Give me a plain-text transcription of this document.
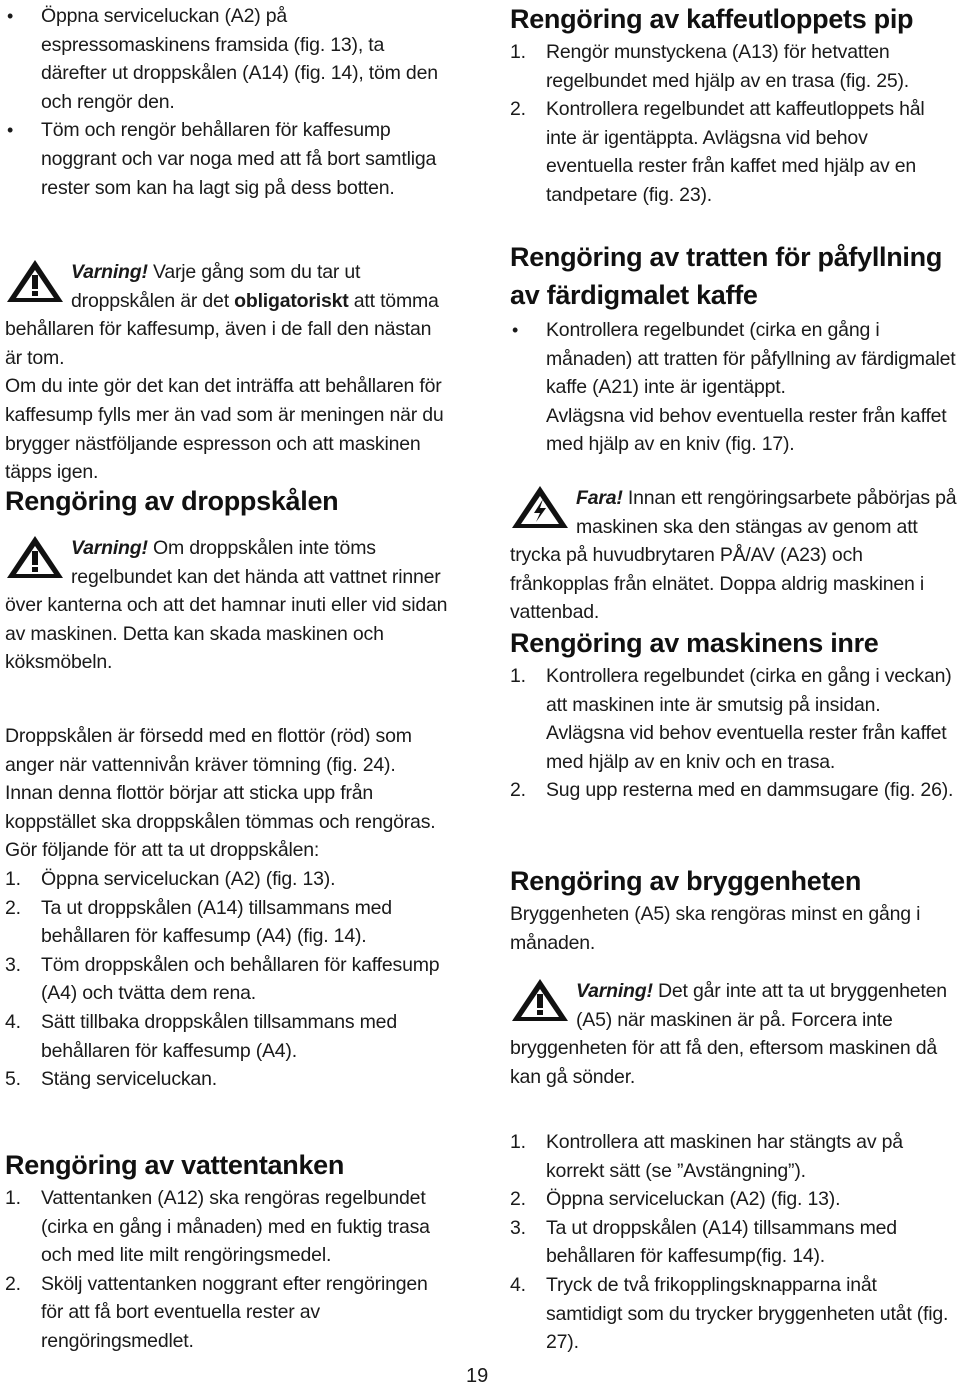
• Öppna serviceluckan (A2) på espressomaskinens framsida (fig. 13), ta därefter ut droppskålen (A14) (fig. 14), töm den och rengör den.

• Töm och rengör behållaren för kaffesump noggrant och var noga med att få bort samtliga rester som kan ha lagt sig på dess botten.

Varning! Varje gång som du tar ut droppskålen är det obligatoriskt att tömma behållaren för kaffesump, även i de fall den nästan är tom.

Om du inte gör det kan det inträffa att behållaren för kaffesump fylls mer än vad som är meningen när du brygger nästföljande espresson och att maskinen täpps igen.

Rengöring av droppskålen

Varning! Om droppskålen inte töms regelbundet kan det hända att vattnet rinner över kanterna och att det hamnar inuti eller vid sidan av maskinen. Detta kan skada maskinen och köksmöbeln.

Droppskålen är försedd med en flottör (röd) som anger när vattennivån kräver tömning (fig. 24).

Innan denna flottör börjar att sticka upp från koppstället ska droppskålen tömmas och rengöras.

Gör följande för att ta ut droppskålen:

1. Öppna serviceluckan (A2) (fig. 13).

2. Ta ut droppskålen (A14) tillsammans med behållaren för kaffesump (A4) (fig. 14).

3. Töm droppskålen och behållaren för kaffesump (A4) och tvätta dem rena.

4. Sätt tillbaka droppskålen tillsammans med behållaren för kaffesump (A4).

5. Stäng serviceluckan.

Rengöring av vattentanken
1. Vattentanken (A12) ska rengöras regelbundet (cirka en gång i månaden) med en fuktig trasa och med lite milt rengöringsmedel.

2. Skölj vattentanken noggrant efter rengöringen för att få bort eventuella rester av rengöringsmedlet.

Rengöring av kaffeutloppets pip
1. Rengör munstyckena (A13) för hetvatten regelbundet med hjälp av en trasa (fig. 25).

2. Kontrollera regelbundet att kaffeutloppets hål inte är igentäppta. Avlägsna vid behov eventuella rester från kaffet med hjälp av en tandpetare (fig. 23).

Rengöring av tratten för påfyllning av färdigmalet kaffe
• Kontrollera regelbundet (cirka en gång i månaden) att tratten för påfyllning av färdigmalet kaffe (A21) inte är igentäppt.

Avlägsna vid behov eventuella rester från kaffet med hjälp av en kniv (fig. 17).

Fara! Innan ett rengöringsarbete påbörjas på maskinen ska den stängas av genom att trycka på huvudbrytaren PÅ/AV (A23) och frånkopplas från elnätet. Doppa aldrig maskinen i vattenbad.

Rengöring av maskinens inre
1. Kontrollera regelbundet (cirka en gång i veckan) att maskinen inte är smutsig på insidan.

Avlägsna vid behov eventuella rester från kaffet med hjälp av en kniv och en trasa.

2. Sug upp resterna med en dammsugare (fig. 26).

Rengöring av bryggenheten

Bryggenheten (A5) ska rengöras minst en gång i månaden.

Varning! Det går inte att ta ut bryggenheten (A5) när maskinen är på. Forcera inte bryggenheten för att få den, eftersom maskinen då kan gå sönder.

1. Kontrollera att maskinen har stängts av på korrekt sätt (se ”Avstängning”).

2. Öppna serviceluckan (A2) (fig. 13).

3. Ta ut droppskålen (A14) tillsammans med behållaren för kaffesump(fig. 14).

4. Tryck de två frikopplingsknapparna inåt samtidigt som du trycker bryggenheten utåt (fig. 27).

19
